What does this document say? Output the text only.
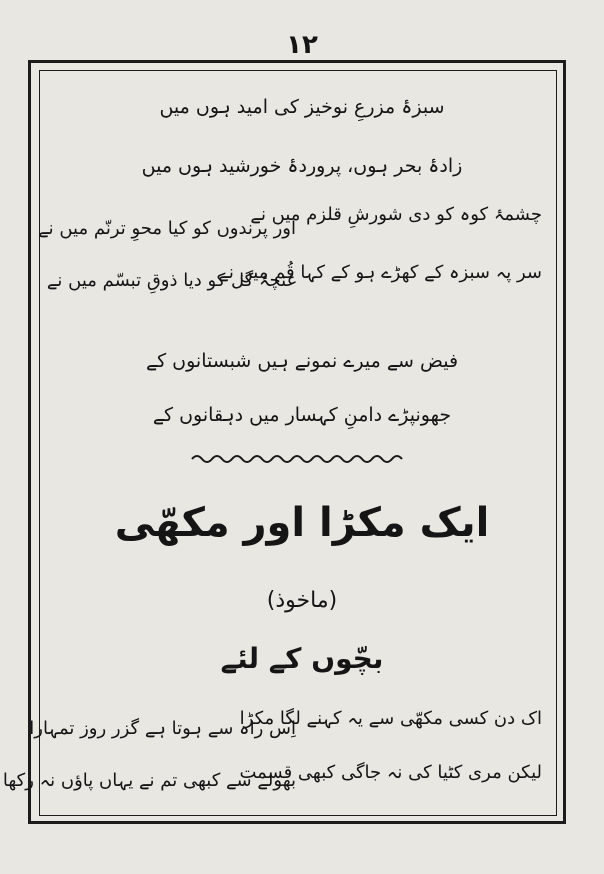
۱۲
سبزۂ مزرعِ نوخیز کی امید ہوں میں
زادۂ بحر ہوں، پروردۂ خورشید ہوں میں
چشمۂ کوہ کو دی شورشِ قلزم میں نے
اور پرندوں کو کیا محوِ ترنّم میں نے
سر پہ سبزہ کے کھڑے ہو کے کہا قُم میں نے
غنچۂ گل کو دیا ذوقِ تبسّم میں نے
فیض سے میرے نمونے ہیں شبستانوں کے
جھونپڑے دامنِ کہسار میں دہقانوں کے
ایک مکڑا اور مکھّی
(ماخوذ)
بچّوں کے لئے
اک دن کسی مکھّی سے یہ کہنے لگا مکڑا
اِس راہ سے ہوتا ہے گزر روز تمہارا
لیکن مری کٹیا کی نہ جاگی کبھی قسمت
بھولے سے کبھی تم نے یہاں پاؤں نہ رکھا
